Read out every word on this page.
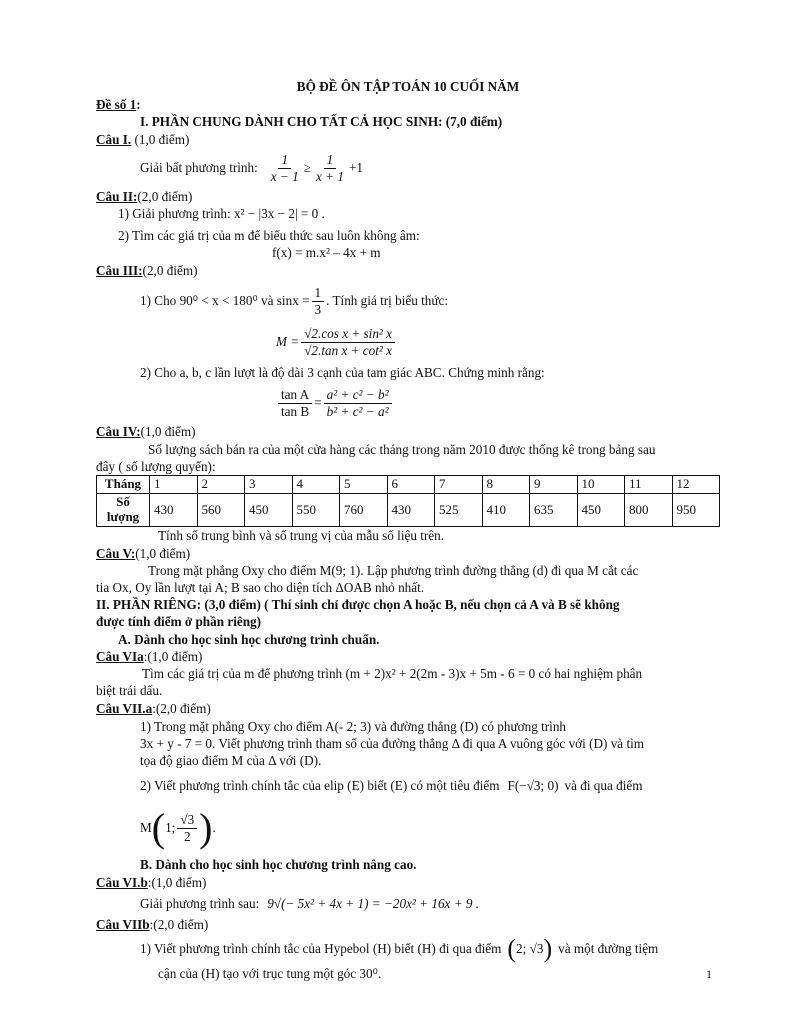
BỘ ĐỀ ÔN TẬP TOÁN 10 CUỐI NĂM
Đề số 1:
I. PHẦN CHUNG DÀNH CHO TẤT CẢ HỌC SINH: (7,0 điểm)
Câu I. (1,0 điểm)
Giải bất phương trình: $\frac{1}{x - 1} \ge \frac{1}{x + 1} +1$
Câu II:(2,0 điểm)
1) Giải phương trình: x² − |3x − 2| = 0 .
2) Tìm các giá trị của m để biểu thức sau luôn không âm:
f(x) = m.x² – 4x + m
Câu III:(2,0 điểm)
1) Cho 90⁰ < x < 180⁰ và $\sin x = \frac{1}{3}$ . Tính giá trị biểu thức:
$M = \frac{\text{√2.cos x + sin² x}}{\text{√2.tan x + cot² x}}$
2) Cho a, b, c lần lượt là độ dài 3 cạnh của tam giác ABC. Chứng minh rằng:
$\frac{\text{tan A}}{\text{tan B}} = \frac{\text{a² + c² − b²}}{\text{b² + c² − a²}}$
Câu IV:(1,0 điểm)
Số lượng sách bán ra của một cửa hàng các tháng trong năm 2010 được thống kê trong bảng sau
đây ( số lượng quyển):
Tháng	1	2	3	4	5	6	7	8	9	10	11	12
Số lượng	430	560	450	550	760	430	525	410	635	450	800	950
Tính số trung bình và số trung vị của mẫu số liệu trên.
Câu V:(1,0 điểm)
Trong mặt phẳng Oxy cho điểm M(9; 1). Lập phương trình đường thẳng (d) đi qua M cắt các
tia Ox, Oy lần lượt tại A; B sao cho diện tích ΔOAB nhỏ nhất.
II. PHẦN RIÊNG: (3,0 điểm) ( Thí sinh chỉ được chọn A hoặc B, nếu chọn cả A và B sẽ không
được tính điểm ở phần riêng)
A. Dành cho học sinh học chương trình chuẩn.
Câu VIa:(1,0 điểm)
Tìm các giá trị của m để phương trình (m + 2)x² + 2(2m - 3)x + 5m - 6 = 0 có hai nghiệm phân
biệt trái dấu.
Câu VII.a:(2,0 điểm)
1) Trong mặt phẳng Oxy cho điểm A(- 2; 3) và đường thẳng (D) có phương trình
3x + y - 7 = 0. Viết phương trình tham số của đường thẳng Δ đi qua A vuông góc với (D) và tìm
tọa độ giao điểm M của Δ với (D).
2) Viết phương trình chính tắc của elip (E) biết (E) có một tiêu điểm F(−√3; 0) và đi qua điểm
M ( 1; $\frac{√3}{2}$ ) .
B. Dành cho học sinh học chương trình nâng cao.
Câu VI.b:(1,0 điểm)
Giải phương trình sau: 9√(− 5x² + 4x + 1) = −20x² + 16x + 9 .
Câu VIIb:(2,0 điểm)
1) Viết phương trình chính tắc của Hypebol (H) biết (H) đi qua điểm ( 2; √3 ) và một đường tiệm
cận của (H) tạo với trục tung một góc 30⁰.	1
